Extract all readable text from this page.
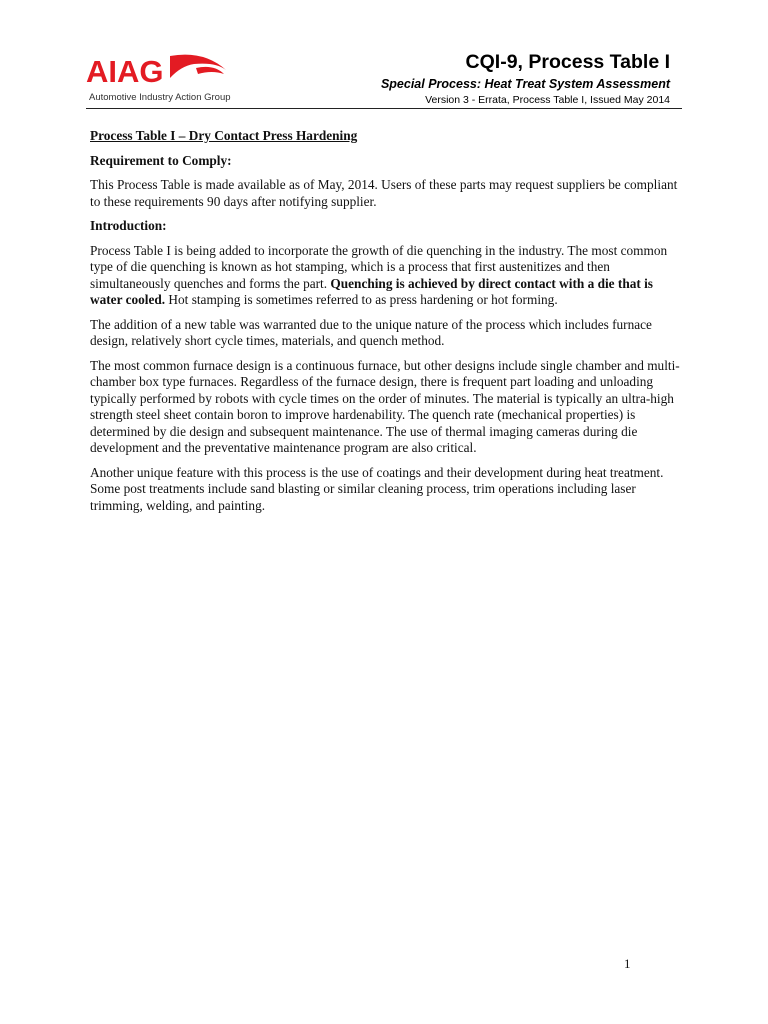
AIAG
Automotive Industry Action Group
CQI-9, Process Table I
Special Process: Heat Treat System Assessment
Version 3 - Errata, Process Table I, Issued May 2014

Process Table I – Dry Contact Press Hardening

Requirement to Comply:

This Process Table is made available as of May, 2014. Users of these parts may request suppliers be compliant to these requirements 90 days after notifying supplier.

Introduction:

Process Table I is being added to incorporate the growth of die quenching in the industry. The most common type of die quenching is known as hot stamping, which is a process that first austenitizes and then simultaneously quenches and forms the part. Quenching is achieved by direct contact with a die that is water cooled. Hot stamping is sometimes referred to as press hardening or hot forming.

The addition of a new table was warranted due to the unique nature of the process which includes furnace design, relatively short cycle times, materials, and quench method.

The most common furnace design is a continuous furnace, but other designs include single chamber and multi-chamber box type furnaces. Regardless of the furnace design, there is frequent part loading and unloading typically performed by robots with cycle times on the order of minutes. The material is typically an ultra-high strength steel sheet contain boron to improve hardenability. The quench rate (mechanical properties) is determined by die design and subsequent maintenance. The use of thermal imaging cameras during die development and the preventative maintenance program are also critical.

Another unique feature with this process is the use of coatings and their development during heat treatment. Some post treatments include sand blasting or similar cleaning process, trim operations including laser trimming, welding, and painting.

1
